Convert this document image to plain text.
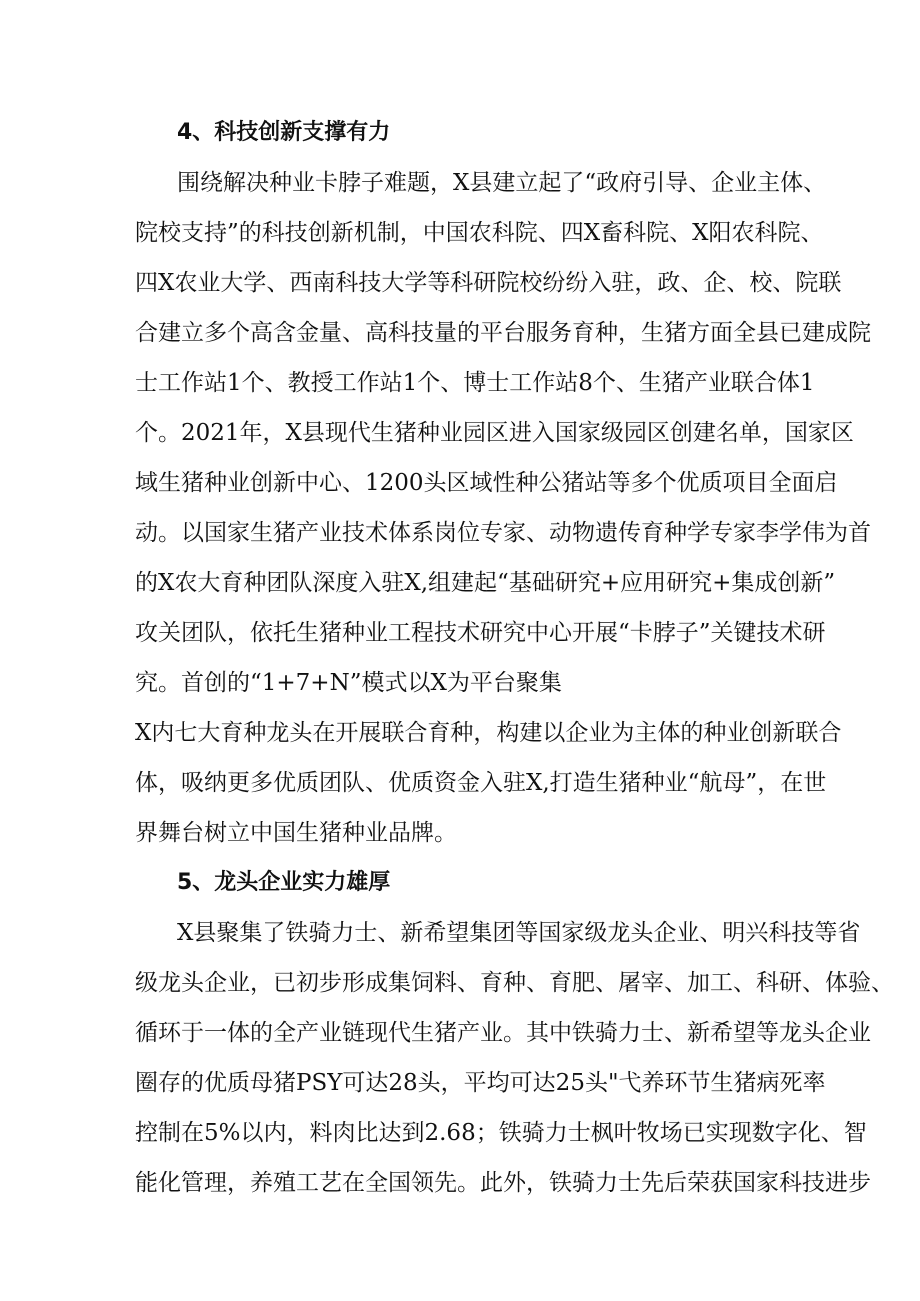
4、科技创新支撑有力
围绕解决种业卡脖子难题，X县建立起了“政府引导、企业主体、
院校支持”的科技创新机制，中国农科院、四X畜科院、X阳农科院、
四X农业大学、西南科技大学等科研院校纷纷入驻，政、企、校、院联
合建立多个高含金量、高科技量的平台服务育种，生猪方面全县已建成院
士工作站1个、教授工作站1个、博士工作站8个、生猪产业联合体1
个。2021年，X县现代生猪种业园区进入国家级园区创建名单，国家区
域生猪种业创新中心、1200头区域性种公猪站等多个优质项目全面启
动。以国家生猪产业技术体系岗位专家、动物遗传育种学专家李学伟为首
的X农大育种团队深度入驻X,组建起“基础研究+应用研究+集成创新”
攻关团队，依托生猪种业工程技术研究中心开展“卡脖子”关键技术研
究。首创的“1+7+N”模式以X为平台聚集
X内七大育种龙头在开展联合育种，构建以企业为主体的种业创新联合
体，吸纳更多优质团队、优质资金入驻X,打造生猪种业“航母”，在世
界舞台树立中国生猪种业品牌。
5、龙头企业实力雄厚
X县聚集了铁骑力士、新希望集团等国家级龙头企业、明兴科技等省
级龙头企业，已初步形成集饲料、育种、育肥、屠宰、加工、科研、体验、
循环于一体的全产业链现代生猪产业。其中铁骑力士、新希望等龙头企业
圈存的优质母猪PSY可达28头，平均可达25头"弋养环节生猪病死率
控制在5%以内，料肉比达到2.68；铁骑力士枫叶牧场已实现数字化、智
能化管理，养殖工艺在全国领先。此外，铁骑力士先后荣获国家科技进步
